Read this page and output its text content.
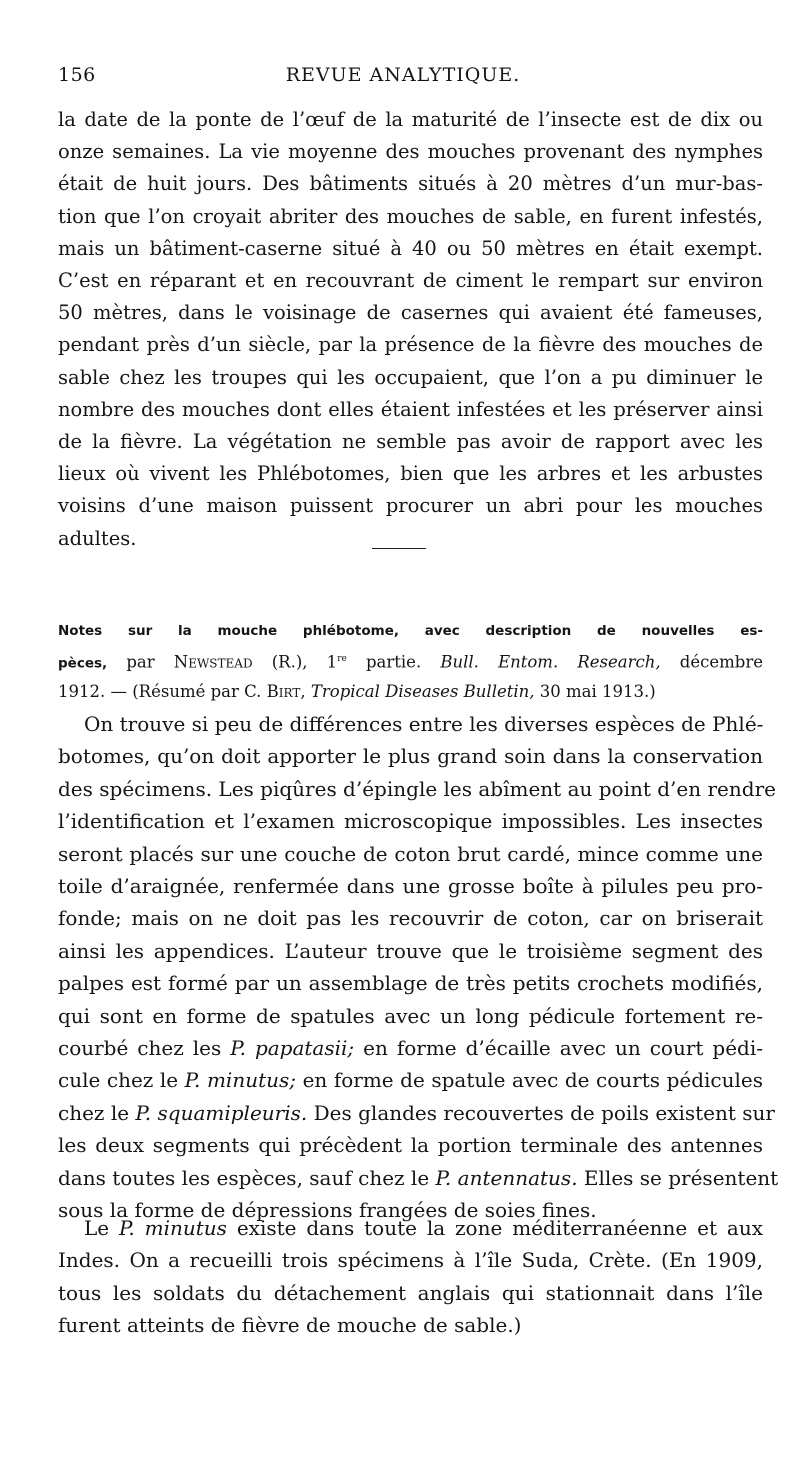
156	REVUE ANALYTIQUE.
la date de la ponte de l’œuf de la maturité de l’insecte est de dix ou
onze semaines. La vie moyenne des mouches provenant des nymphes
était de huit jours. Des bâtiments situés à 20 mètres d’un mur-bas-
tion que l’on croyait abriter des mouches de sable, en furent infestés,
mais un bâtiment-caserne situé à 40 ou 50 mètres en était exempt.
C’est en réparant et en recouvrant de ciment le rempart sur environ
50 mètres, dans le voisinage de casernes qui avaient été fameuses,
pendant près d’un siècle, par la présence de la fièvre des mouches de
sable chez les troupes qui les occupaient, que l’on a pu diminuer le
nombre des mouches dont elles étaient infestées et les préserver ainsi
de la fièvre. La végétation ne semble pas avoir de rapport avec les
lieux où vivent les Phlébotomes, bien que les arbres et les arbustes
voisins d’une maison puissent procurer un abri pour les mouches
adultes.
Notes sur la mouche phlébotome, avec description de nouvelles es-
pèces, par Newstead (R.), 1re partie. Bull. Entom. Research, décembre
1912. — (Résumé par C. Birt, Tropical Diseases Bulletin, 30 mai 1913.)
On trouve si peu de différences entre les diverses espèces de Phlé-
botomes, qu’on doit apporter le plus grand soin dans la conservation
des spécimens. Les piqûres d’épingle les abîment au point d’en rendre
l’identification et l’examen microscopique impossibles. Les insectes
seront placés sur une couche de coton brut cardé, mince comme une
toile d’araignée, renfermée dans une grosse boîte à pilules peu pro-
fonde; mais on ne doit pas les recouvrir de coton, car on briserait
ainsi les appendices. L’auteur trouve que le troisième segment des
palpes est formé par un assemblage de très petits crochets modifiés,
qui sont en forme de spatules avec un long pédicule fortement re-
courbé chez les P. papatasii; en forme d’écaille avec un court pédi-
cule chez le P. minutus; en forme de spatule avec de courts pédicules
chez le P. squamipleuris. Des glandes recouvertes de poils existent sur
les deux segments qui précèdent la portion terminale des antennes
dans toutes les espèces, sauf chez le P. antennatus. Elles se présentent
sous la forme de dépressions frangées de soies fines.
Le P. minutus existe dans toute la zone méditerranéenne et aux
Indes. On a recueilli trois spécimens à l’île Suda, Crète. (En 1909,
tous les soldats du détachement anglais qui stationnait dans l’île
furent atteints de fièvre de mouche de sable.)
